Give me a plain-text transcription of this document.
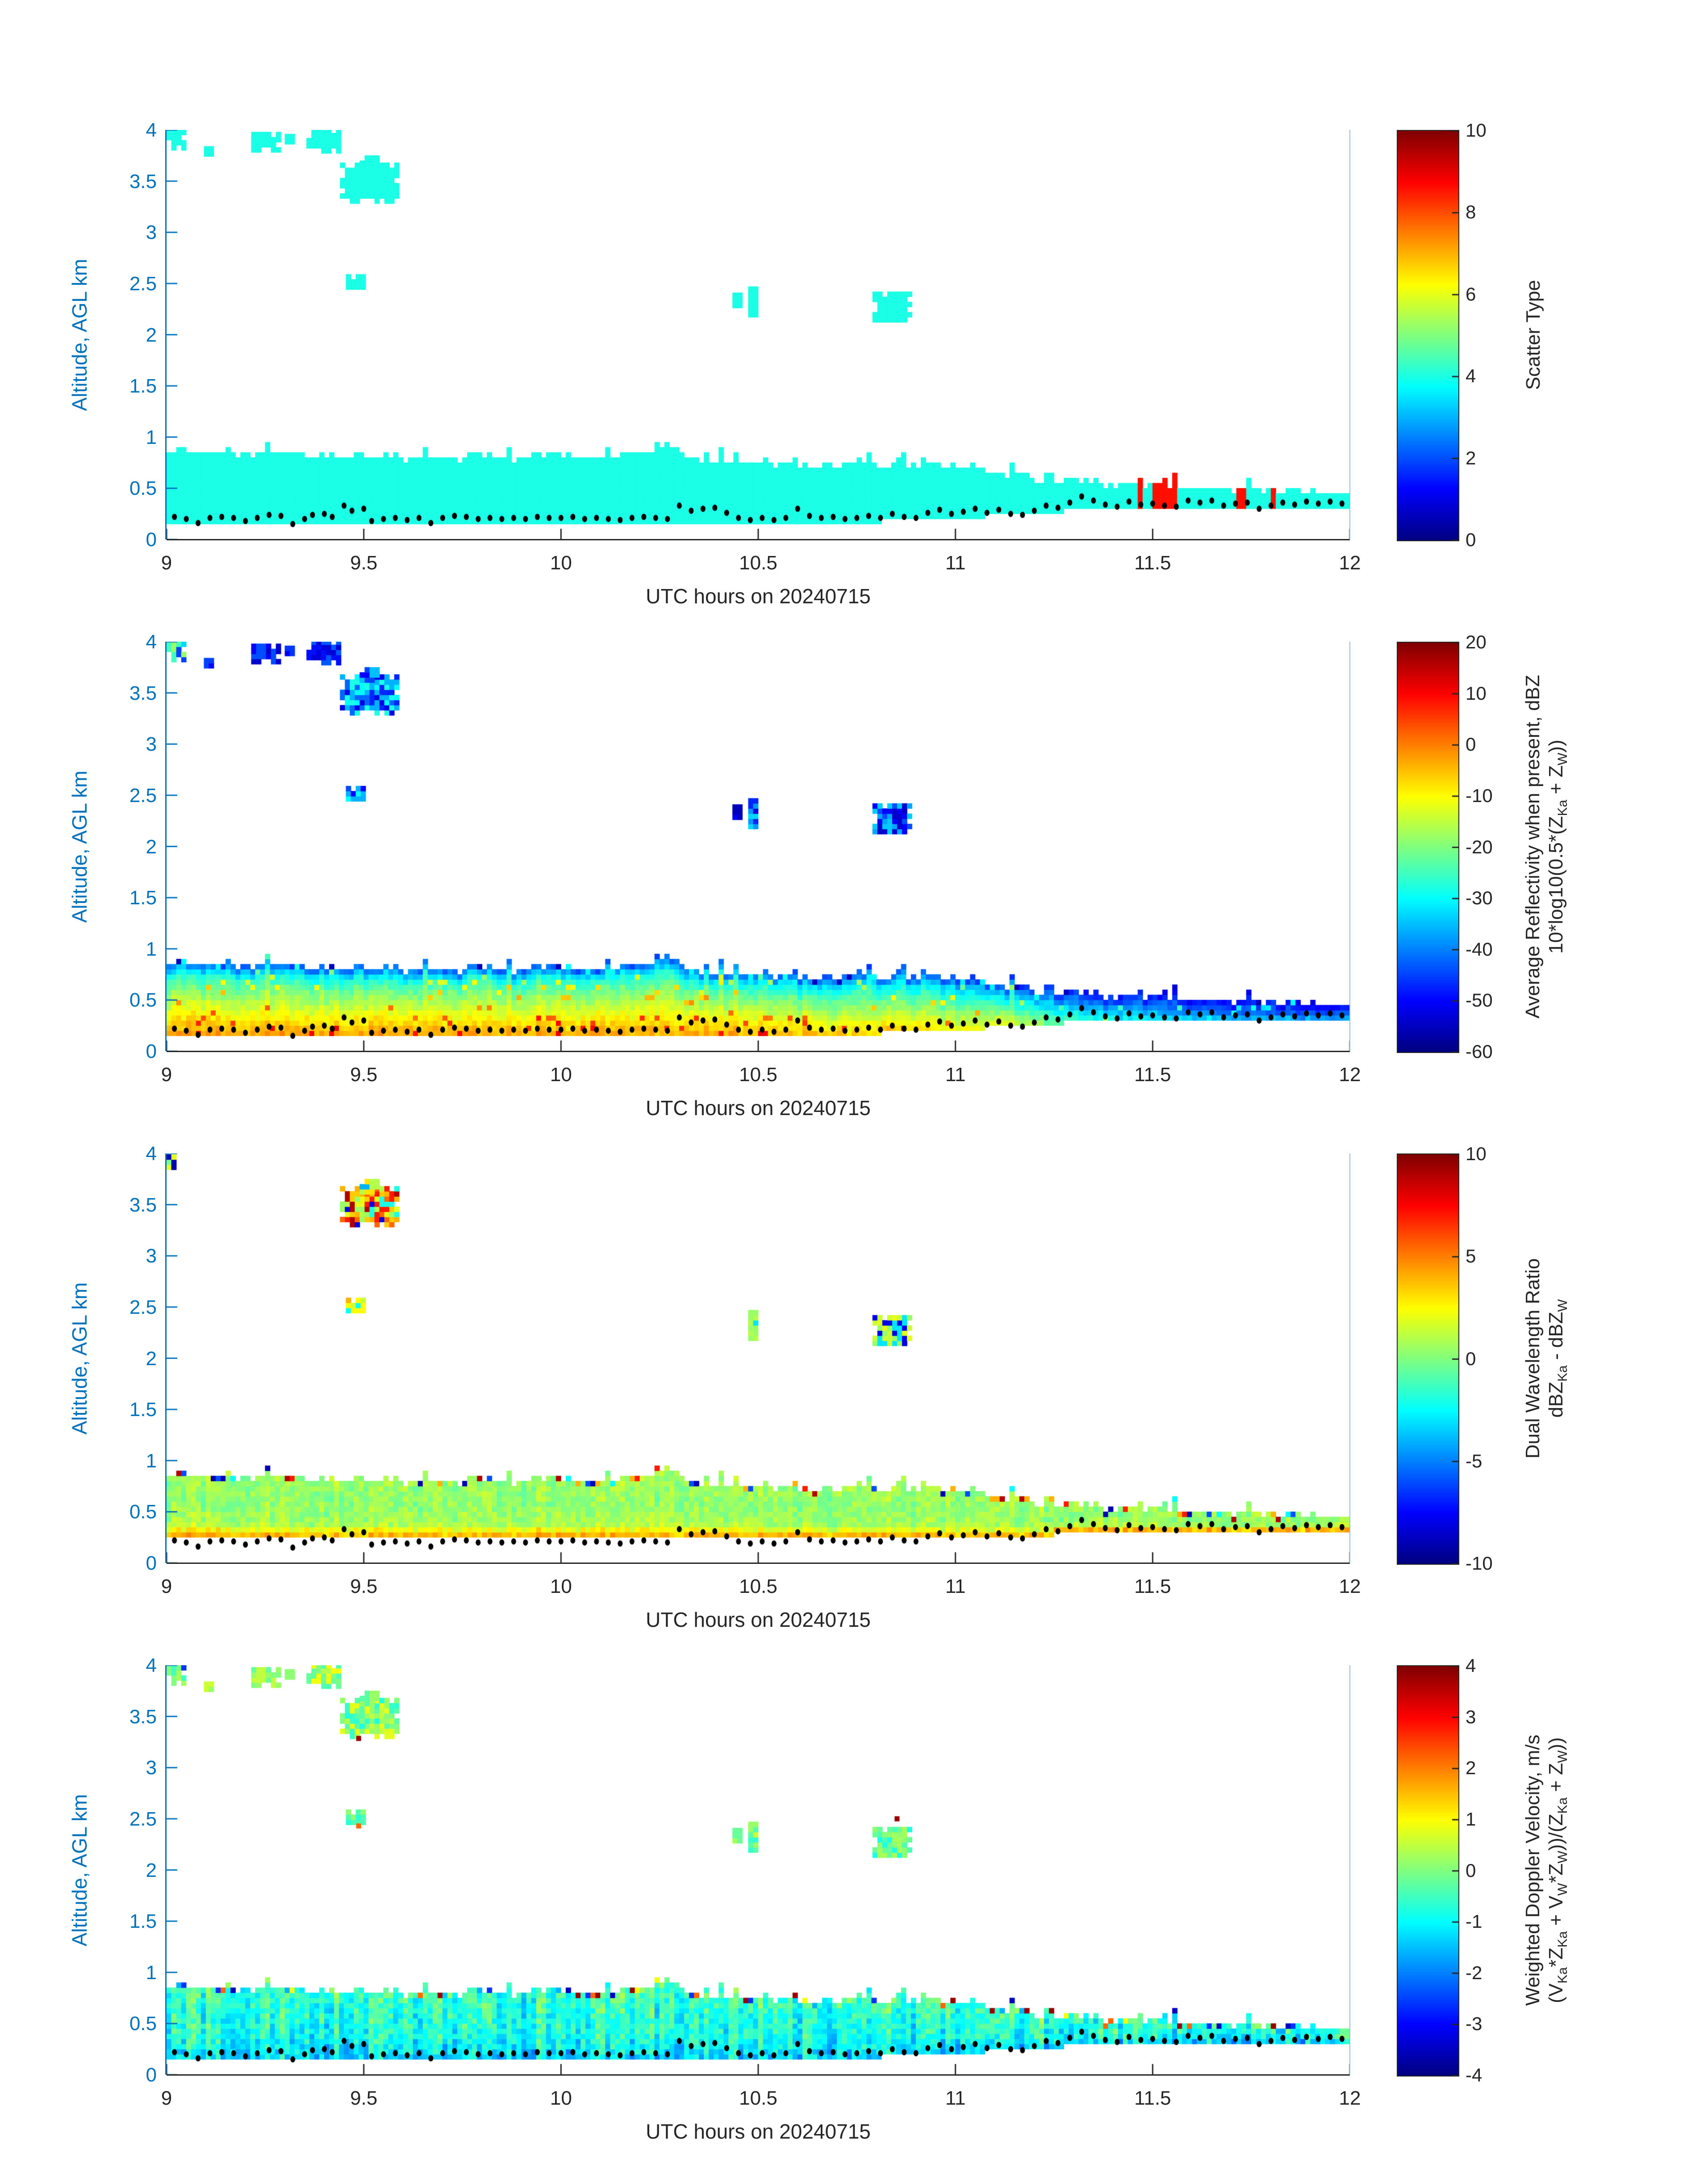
Altitude, AGL km	Scatter Type
UTC hours on 20240715
0
0.5
1
1.5
2
2.5
3
3.5
4
9	9.5	10	10.5	11	11.5	12
0
2
4
6
8
10
Altitude, AGL km	Average Reflectivity when present, dBZ $10*\log 10(0.5*(Z_{Ka} + Z_W))$
UTC hours on 20240715
0
0.5
1
1.5
2
2.5
3
3.5
4
9	9.5	10	10.5	11	11.5	12
-60
-50
-40
-30
-20
-10
0
10
20
Altitude, AGL km	Dual Wavelength Ratio dBZ$_{Ka}$ - dBZ$_W$
UTC hours on 20240715
0
0.5
1
1.5
2
2.5
3
3.5
4
9	9.5	10	10.5	11	11.5	12
-10
-5
0
5
10
Altitude, AGL km	Weighted Doppler Velocity, m/s $(V_{Ka}*Z_{Ka} + V_W*Z_W))/(Z_{Ka} + Z_W)$)
UTC hours on 20240715
0
0.5
1
1.5
2
2.5
3
3.5
4
9	9.5	10	10.5	11	11.5	12
-4
-3
-2
-1
0
1
2
3
4
